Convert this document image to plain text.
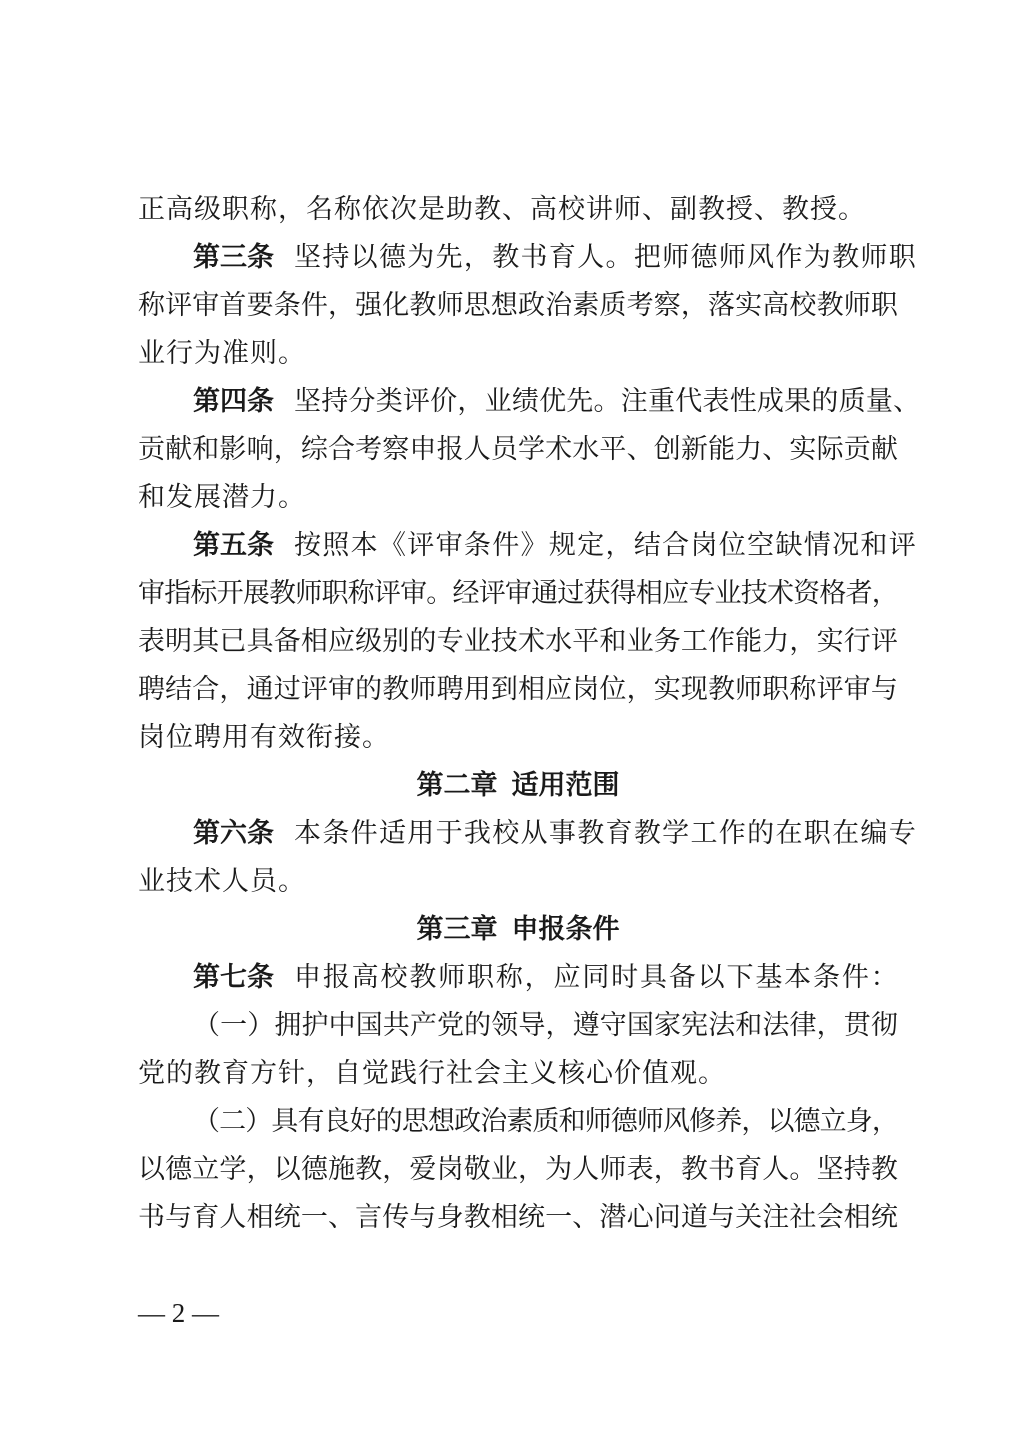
正高级职称，名称依次是助教、高校讲师、副教授、教授。
第三条 坚持以德为先，教书育人。把师德师风作为教师职
称评审首要条件，强化教师思想政治素质考察，落实高校教师职
业行为准则。
第四条 坚持分类评价，业绩优先。注重代表性成果的质量、
贡献和影响，综合考察申报人员学术水平、创新能力、实际贡献
和发展潜力。
第五条 按照本《评审条件》规定，结合岗位空缺情况和评
审指标开展教师职称评审。经评审通过获得相应专业技术资格者，
表明其已具备相应级别的专业技术水平和业务工作能力，实行评
聘结合，通过评审的教师聘用到相应岗位，实现教师职称评审与
岗位聘用有效衔接。
第二章 适用范围
第六条 本条件适用于我校从事教育教学工作的在职在编专
业技术人员。
第三章 申报条件
第七条 申报高校教师职称，应同时具备以下基本条件：
（一）拥护中国共产党的领导，遵守国家宪法和法律，贯彻
党的教育方针，自觉践行社会主义核心价值观。
（二）具有良好的思想政治素质和师德师风修养，以德立身，
以德立学，以德施教，爱岗敬业，为人师表，教书育人。坚持教
书与育人相统一、言传与身教相统一、潜心问道与关注社会相统
— 2 —
